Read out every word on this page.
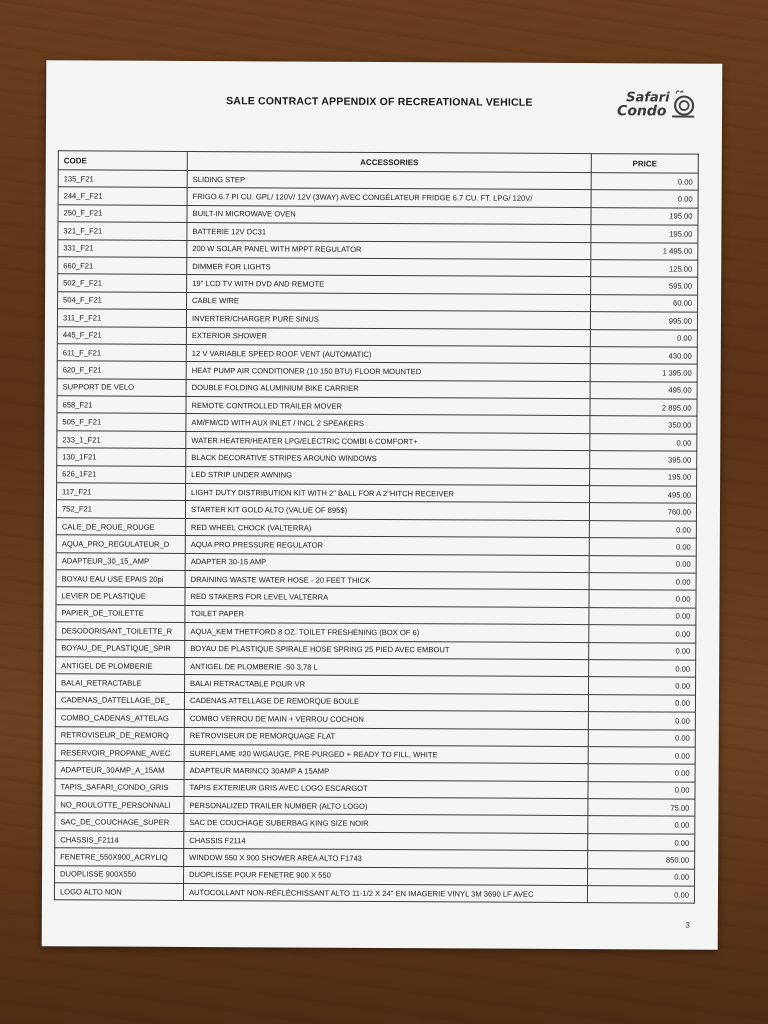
SALE CONTRACT APPENDIX OF RECREATIONAL VEHICLE	Safari
Condo
CODE	ACCESSORIES	PRICE
135_F21	SLIDING STEP	0.00
244_F_F21	FRIGO 6.7 PI CU. GPL/ 120V/ 12V (3WAY) AVEC CONGÉLATEUR FRIDGE 6.7 CU. FT. LPG/ 120V/	0.00
250_F_F21	BUILT-IN MICROWAVE OVEN	195.00
321_F_F21	BATTERIE 12V DC31	195.00
331_F21	200 W SOLAR PANEL WITH MPPT REGULATOR	1 495.00
660_F21	DIMMER FOR LIGHTS	125.00
502_F_F21	19" LCD TV WITH DVD AND REMOTE	595.00
504_F_F21	CABLE WIRE	60.00
311_F_F21	INVERTER/CHARGER PURE SINUS	995.00
445_F_F21	EXTERIOR SHOWER	0.00
611_F_F21	12 V VARIABLE SPEED ROOF VENT (AUTOMATIC)	430.00
620_F_F21	HEAT PUMP AIR CONDITIONER (10 150 BTU) FLOOR MOUNTED	1 395.00
SUPPORT DE VELO	DOUBLE FOLDING ALUMINIUM BIKE CARRIER	495.00
658_F21	REMOTE CONTROLLED TRAILER MOVER	2 895.00
505_F_F21	AM/FM/CD WITH AUX INLET / INCL 2 SPEAKERS	350.00
233_1_F21	WATER HEATER/HEATER LPG/ELECTRIC COMBI 6 COMFORT+	0.00
130_1F21	BLACK DECORATIVE STRIPES AROUND WINDOWS	395.00
626_1F21	LED STRIP UNDER AWNING	195.00
117_F21	LIGHT DUTY DISTRIBUTION KIT WITH 2" BALL FOR A 2"HITCH RECEIVER	495.00
752_F21	STARTER KIT GOLD ALTO (VALUE OF 895$)	760.00
CALE_DE_ROUE_ROUGE	RED WHEEL CHOCK (VALTERRA)	0.00
AQUA_PRO_REGULATEUR_D	AQUA PRO PRESSURE REGULATOR	0.00
ADAPTEUR_30_15_AMP	ADAPTER 30-15 AMP	0.00
BOYAU EAU USE EPAIS 20pi	DRAINING WASTE WATER HOSE - 20 FEET THICK	0.00
LEVIER DE PLASTIQUE	RED STAKERS FOR LEVEL VALTERRA	0.00
PAPIER_DE_TOILETTE	TOILET PAPER	0.00
DESODORISANT_TOILETTE_R	AQUA_KEM THETFORD 8 OZ. TOILET FRESHENING (BOX OF 6)	0.00
BOYAU_DE_PLASTIQUE_SPIR	BOYAU DE PLASTIQUE SPIRALE HOSE SPRING 25 PIED AVEC EMBOUT	0.00
ANTIGEL DE PLOMBERIE	ANTIGEL DE PLOMBERIE -50 3,78 L	0.00
BALAI_RETRACTABLE	BALAI RETRACTABLE POUR VR	0.00
CADENAS_DATTELLAGE_DE_	CADENAS ATTELLAGE DE REMORQUE BOULE	0.00
COMBO_CADENAS_ATTELAG	COMBO VERROU DE MAIN + VERROU COCHON	0.00
RETROVISEUR_DE_REMORQ	RETROVISEUR DE REMORQUAGE FLAT	0.00
RESERVOIR_PROPANE_AVEC	SUREFLAME #20 W/GAUGE, PRE-PURGED + READY TO FILL, WHITE	0.00
ADAPTEUR_30AMP_A_15AM	ADAPTEUR MARINCO 30AMP A 15AMP	0.00
TAPIS_SAFARI_CONDO_GRIS	TAPIS EXTERIEUR GRIS AVEC LOGO ESCARGOT	0.00
NO_ROULOTTE_PERSONNALI	PERSONALIZED TRAILER NUMBER (ALTO LOGO)	75.00
SAC_DE_COUCHAGE_SUPER	SAC DE COUCHAGE SUBERBAG KING SIZE NOIR	0.00
CHASSIS_F2114	CHASSIS F2114	0.00
FENETRE_550X900_ACRYLIQ	WINDOW 550 X 900 SHOWER AREA ALTO F1743	850.00
DUOPLISSE 900X550	DUOPLISSE POUR FENETRE 900 X 550	0.00
LOGO ALTO NON	AUTOCOLLANT NON-RÉFLÉCHISSANT ALTO 11-1/2 X 24" EN IMAGERIE VINYL 3M 3690 LF AVEC	0.00
3
